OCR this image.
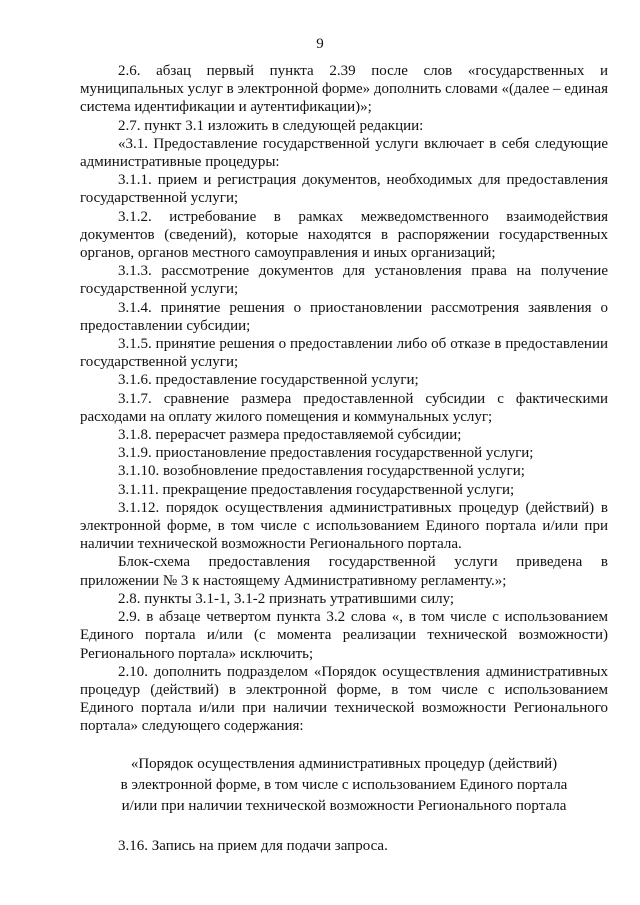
9

2.6. абзац первый пункта 2.39 после слов «государственных и муниципальных услуг в электронной форме» дополнить словами «(далее – единая система идентификации и аутентификации)»;

2.7. пункт 3.1 изложить в следующей редакции:

«3.1. Предоставление государственной услуги включает в себя следующие административные процедуры:

3.1.1. прием и регистрация документов, необходимых для предоставления государственной услуги;

3.1.2. истребование в рамках межведомственного взаимодействия документов (сведений), которые находятся в распоряжении государственных органов, органов местного самоуправления и иных организаций;

3.1.3. рассмотрение документов для установления права на получение государственной услуги;

3.1.4. принятие решения о приостановлении рассмотрения заявления о предоставлении субсидии;

3.1.5. принятие решения о предоставлении либо об отказе в предоставлении государственной услуги;

3.1.6. предоставление государственной услуги;

3.1.7. сравнение размера предоставленной субсидии с фактическими расходами на оплату жилого помещения и коммунальных услуг;

3.1.8. перерасчет размера предоставляемой субсидии;

3.1.9. приостановление предоставления государственной услуги;

3.1.10. возобновление предоставления государственной услуги;

3.1.11. прекращение предоставления государственной услуги;

3.1.12. порядок осуществления административных процедур (действий) в электронной форме, в том числе с использованием Единого портала и/или при наличии технической возможности Регионального портала.

Блок-схема предоставления государственной услуги приведена в приложении № 3 к настоящему Административному регламенту.»;

2.8. пункты 3.1-1, 3.1-2 признать утратившими силу;

2.9. в абзаце четвертом пункта 3.2 слова «, в том числе с использованием Единого портала и/или (с момента реализации технической возможности) Регионального портала» исключить;

2.10. дополнить подразделом «Порядок осуществления административных процедур (действий) в электронной форме, в том числе с использованием Единого портала и/или при наличии технической возможности Регионального портала» следующего содержания:

«Порядок осуществления административных процедур (действий)
в электронной форме, в том числе с использованием Единого портала
и/или при наличии технической возможности Регионального портала

3.16. Запись на прием для подачи запроса.
